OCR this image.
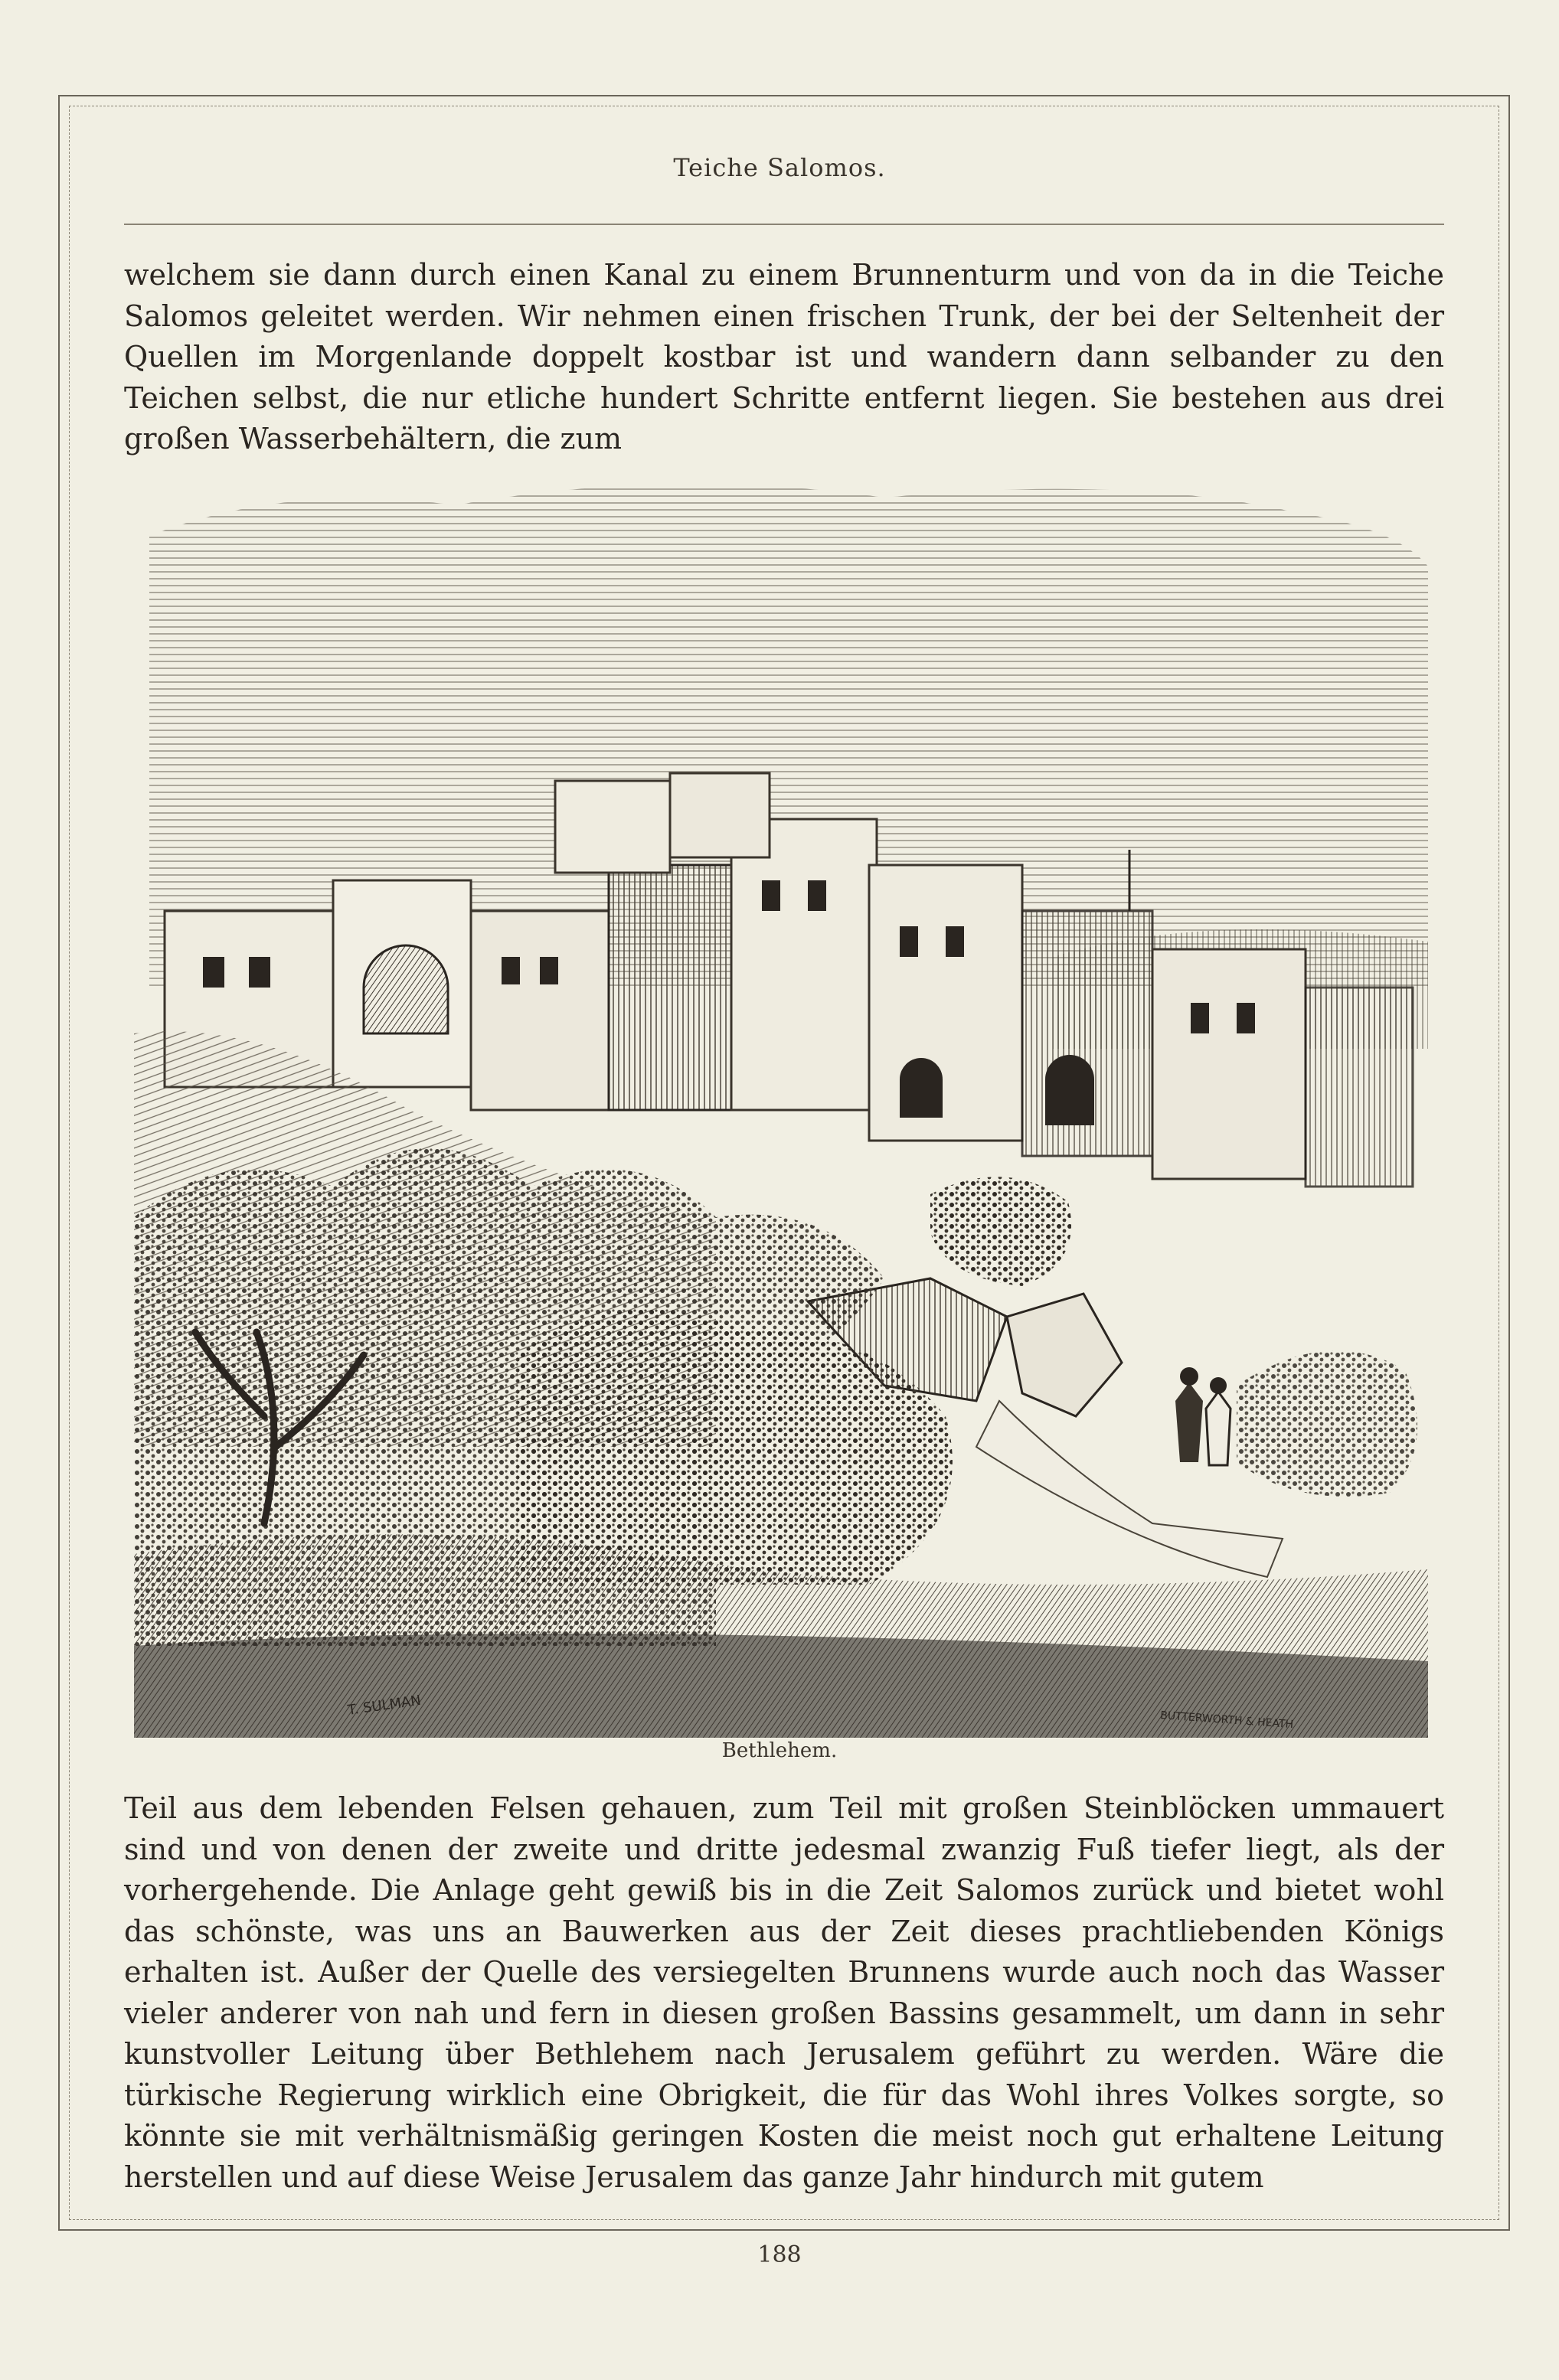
Teiche Salomos.

welchem sie dann durch einen Kanal zu einem Brunnenturm und von da in die Teiche Salomos geleitet werden. Wir nehmen einen frischen Trunk, der bei der Seltenheit der Quellen im Morgenlande doppelt kostbar ist und wandern dann selbander zu den Teichen selbst, die nur etliche hundert Schritte entfernt liegen. Sie bestehen aus drei großen Wasserbehältern, die zum

T. SULMAN
BUTTERWORTH & HEATH
Bethlehem.

Teil aus dem lebenden Felsen gehauen, zum Teil mit großen Steinblöcken ummauert sind und von denen der zweite und dritte jedesmal zwanzig Fuß tiefer liegt, als der vorhergehende. Die Anlage geht gewiß bis in die Zeit Salomos zurück und bietet wohl das schönste, was uns an Bauwerken aus der Zeit dieses prachtliebenden Königs erhalten ist. Außer der Quelle des versiegelten Brunnens wurde auch noch das Wasser vieler anderer von nah und fern in diesen großen Bassins gesammelt, um dann in sehr kunstvoller Leitung über Bethlehem nach Jerusalem geführt zu werden. Wäre die türkische Regierung wirklich eine Obrigkeit, die für das Wohl ihres Volkes sorgte, so könnte sie mit verhältnismäßig geringen Kosten die meist noch gut erhaltene Leitung herstellen und auf diese Weise Jerusalem das ganze Jahr hindurch mit gutem

188
